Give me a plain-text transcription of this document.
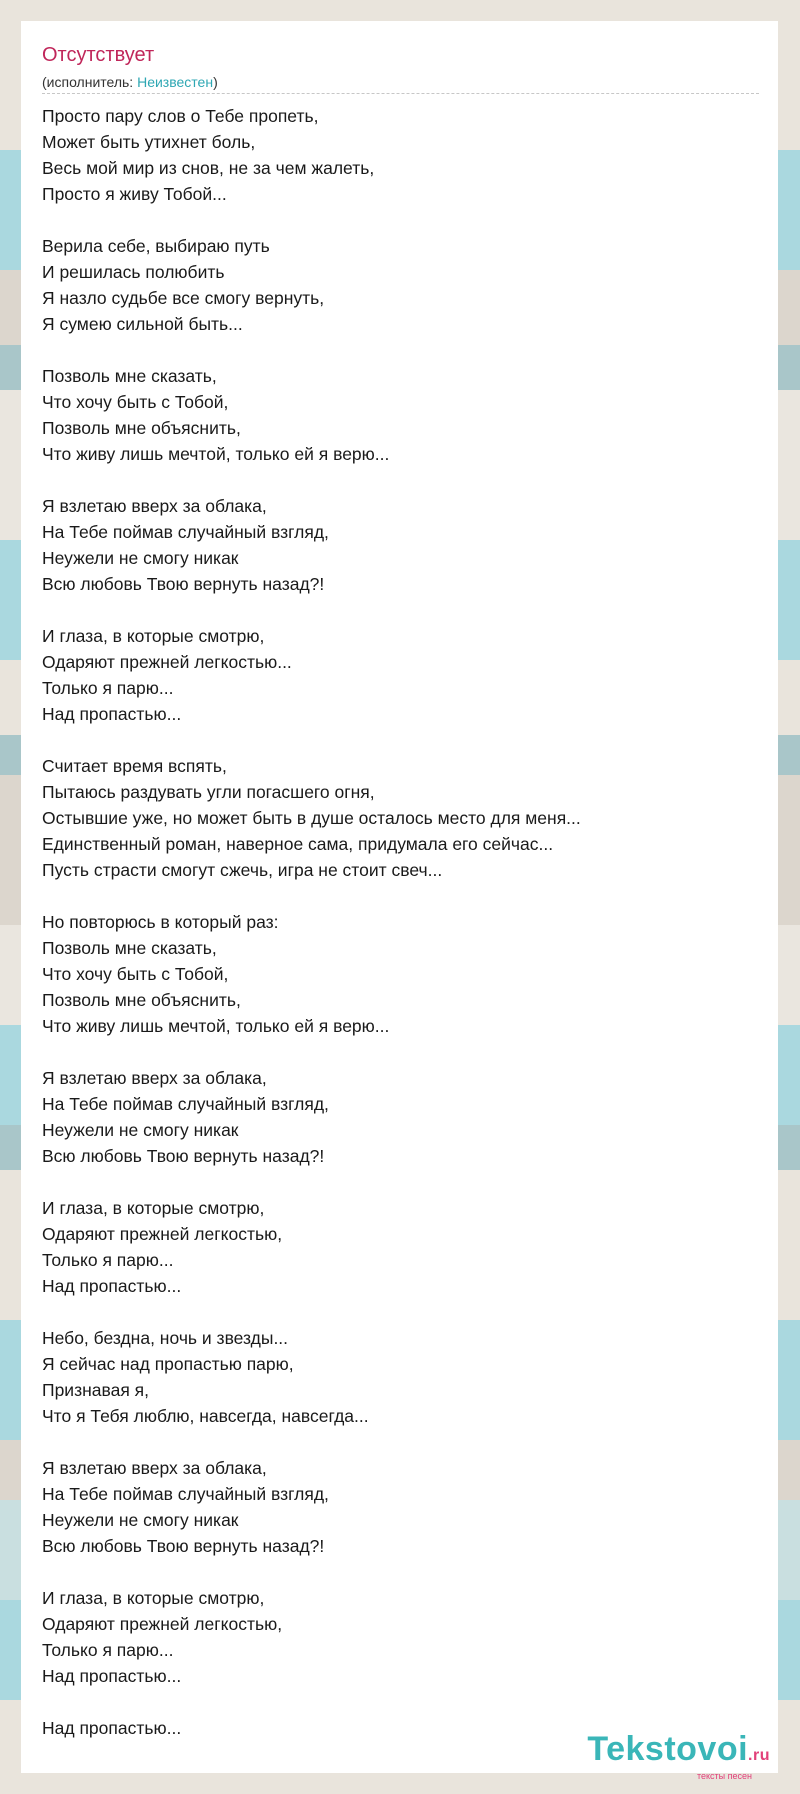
Отсутствует
(исполнитель: Неизвестен)
Просто пару слов о Тебе пропеть,
Может быть утихнет боль,
Весь мой мир из снов, не за чем жалеть,
Просто я живу Тобой...
Верила себе, выбираю путь
И решилась полюбить
Я назло судьбе все смогу вернуть,
Я сумею сильной быть...
Позволь мне сказать,
Что хочу быть с Тобой,
Позволь мне объяснить,
Что живу лишь мечтой, только ей я верю...
Я взлетаю вверх за облака,
На Тебе поймав случайный взгляд,
Неужели не смогу никак
Всю любовь Твою вернуть назад?!
И глаза, в которые смотрю,
Одаряют прежней легкостью...
Только я парю...
Над пропастью...
Считает время вспять,
Пытаюсь раздувать угли погасшего огня,
Остывшие уже, но может быть в душе осталось место для меня...
Единственный роман, наверное сама, придумала его сейчас...
Пусть страсти смогут сжечь, игра не стоит свеч...
Но повторюсь в который раз:
Позволь мне сказать,
Что хочу быть с Тобой,
Позволь мне объяснить,
Что живу лишь мечтой, только ей я верю...
Я взлетаю вверх за облака,
На Тебе поймав случайный взгляд,
Неужели не смогу никак
Всю любовь Твою вернуть назад?!
И глаза, в которые смотрю,
Одаряют прежней легкостью,
Только я парю...
Над пропастью...
Небо, бездна, ночь и звезды...
Я сейчас над пропастью парю,
Признавая я,
Что я Тебя люблю, навсегда, навсегда...
Я взлетаю вверх за облака,
На Тебе поймав случайный взгляд,
Неужели не смогу никак
Всю любовь Твою вернуть назад?!
И глаза, в которые смотрю,
Одаряют прежней легкостью,
Только я парю...
Над пропастью...
Над пропастью...
Tekstovoi.ru
тексты песен
